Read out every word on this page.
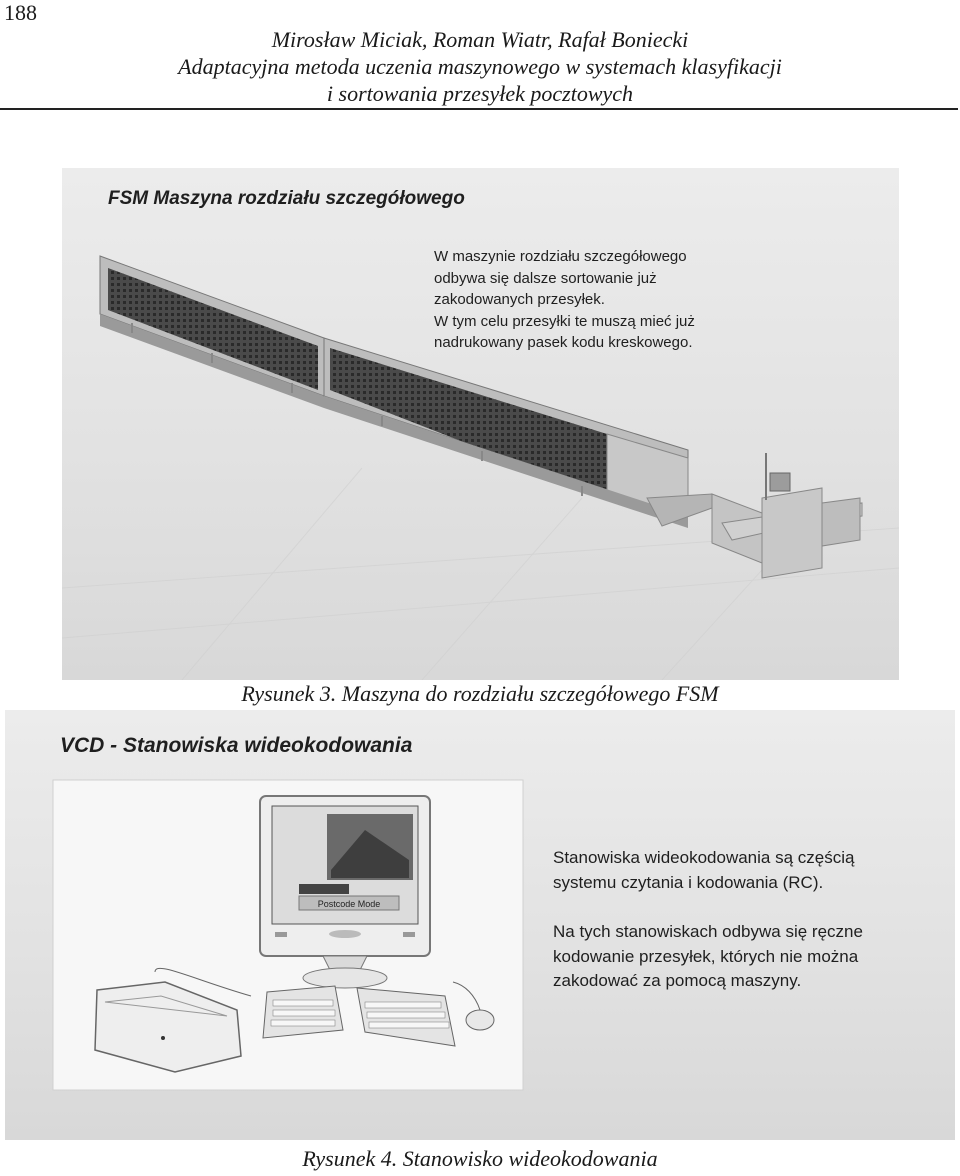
188
Mirosław Miciak, Roman Wiatr, Rafał Boniecki
Adaptacyjna metoda uczenia maszynowego w systemach klasyfikacji
i sortowania przesyłek pocztowych
FSM Maszyna rozdziału szczegółowego
W maszynie rozdziału szczegółowego
odbywa się dalsze sortowanie już
zakodowanych przesyłek.
W tym celu przesyłki te muszą mieć już
nadrukowany pasek kodu kreskowego.
Rysunek 3. Maszyna do rozdziału szczegółowego FSM
Postcode Mode
VCD - Stanowiska wideokodowania
Stanowiska wideokodowania są częścią
systemu czytania i kodowania (RC).
Na tych stanowiskach odbywa się ręczne
kodowanie przesyłek, których nie można
zakodować za pomocą maszyny.
Rysunek 4. Stanowisko wideokodowania
